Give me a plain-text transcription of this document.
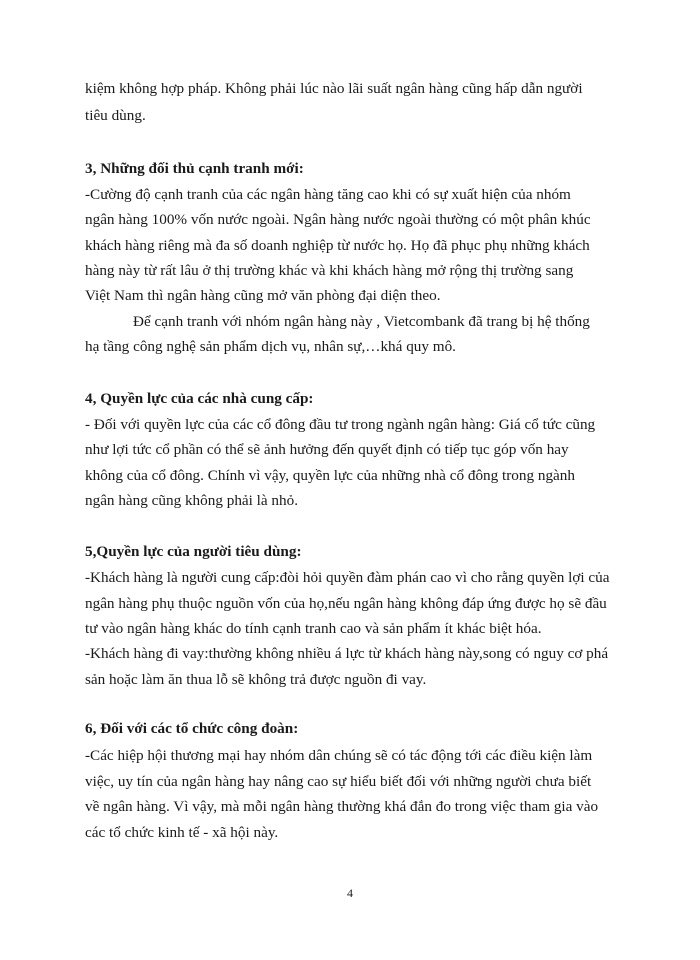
kiệm không hợp pháp. Không phải lúc nào lãi suất ngân hàng cũng hấp dẫn người

tiêu dùng.

3, Những đối thủ cạnh tranh mới:

-Cường độ cạnh tranh của các ngân hàng tăng cao khi có sự xuất hiện của nhóm

ngân hàng 100% vốn nước ngoài. Ngân hàng nước ngoài thường có một phân khúc

khách hàng riêng mà đa số doanh nghiệp từ nước họ. Họ đã phục phụ những khách

hàng này từ rất lâu ở thị trường khác và khi khách hàng mở rộng thị trường sang

Việt Nam thì ngân hàng cũng mở văn phòng đại diện theo.

Để cạnh tranh với nhóm ngân hàng này , Vietcombank đã trang bị hệ thống

hạ tầng công nghệ sản phẩm dịch vụ, nhân sự,…khá quy mô.

4, Quyền lực của các nhà cung cấp:

- Đối với quyền lực của các cổ đông đầu tư trong ngành ngân hàng: Giá cổ tức cũng

như lợi tức cổ phần có thể sẽ ảnh hưởng đến quyết định có tiếp tục góp vốn hay

không của cổ đông. Chính vì vậy, quyền lực của những nhà cổ đông trong ngành

ngân hàng cũng không phải là nhỏ.

5,Quyền lực của người tiêu dùng:

-Khách hàng là người cung cấp:đòi hỏi quyền đàm phán cao vì cho rằng quyền lợi của

ngân hàng phụ thuộc nguồn vốn của họ,nếu ngân hàng không đáp ứng được họ sẽ đầu

tư vào ngân hàng khác do tính cạnh tranh cao và sản phẩm ít khác biệt hóa.

-Khách hàng đi vay:thường không nhiều á lực từ khách hàng này,song có nguy cơ phá

sản hoặc làm ăn thua lỗ sẽ không trả được nguồn đi vay.

6, Đối với các tổ chức công đoàn:

-Các hiệp hội thương mại hay nhóm dân chúng sẽ có tác động tới các điều kiện làm

việc, uy tín của ngân hàng hay nâng cao sự hiểu biết đối với những người chưa biết

về ngân hàng. Vì vậy, mà mỗi ngân hàng thường khá đắn đo trong việc tham gia vào

các tổ chức kinh tế - xã hội này.

4
